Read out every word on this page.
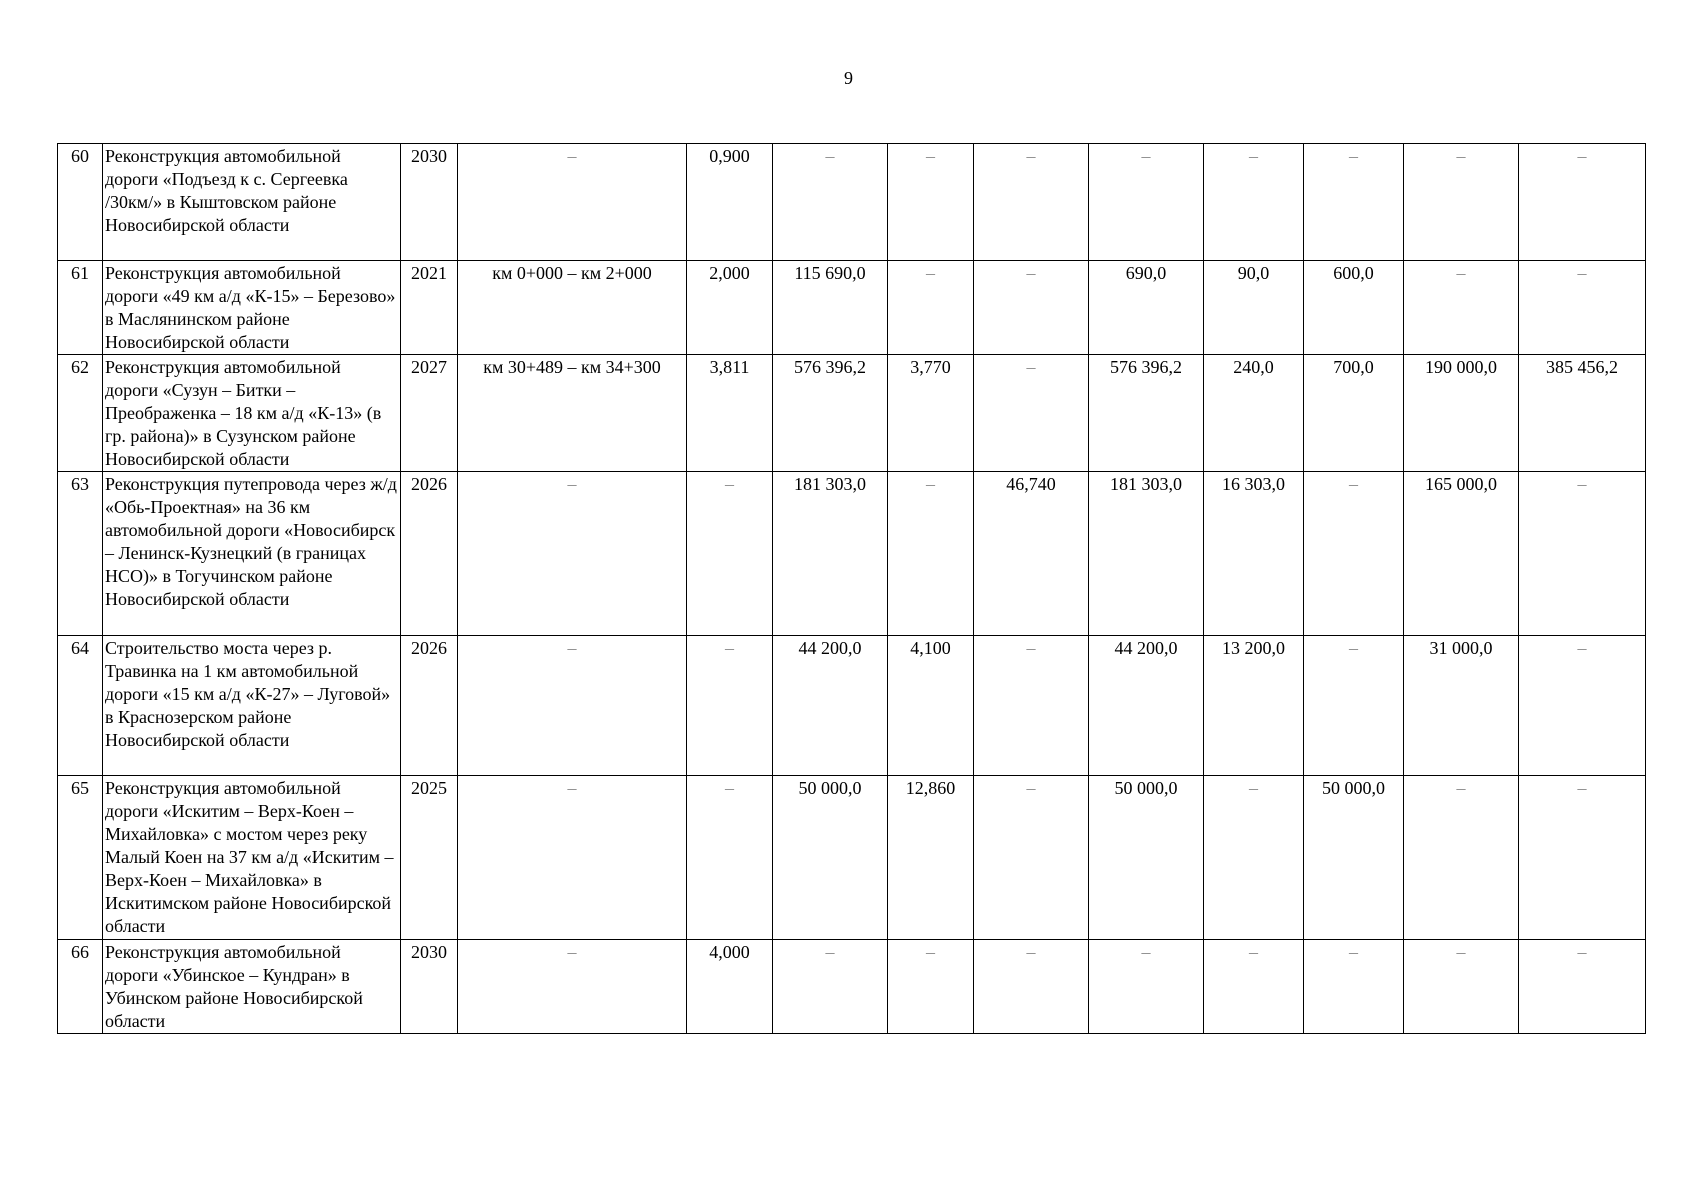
9
60	Реконструкция автомобильной дороги «Подъезд к с. Сергеевка /30км/» в Кыштовском районе Новосибирской области	2030	–	0,900	–	–	–	–	–	–	–	–
61	Реконструкция автомобильной дороги «49 км а/д «К-15» – Березово» в Маслянинском районе Новосибирской области	2021	км 0+000 – км 2+000	2,000	115 690,0	–	–	690,0	90,0	600,0	–	–
62	Реконструкция автомобильной дороги «Сузун – Битки – Преображенка – 18 км а/д «К-13» (в гр. района)» в Сузунском районе Новосибирской области	2027	км 30+489 – км 34+300	3,811	576 396,2	3,770	–	576 396,2	240,0	700,0	190 000,0	385 456,2
63	Реконструкция путепровода через ж/д «Обь-Проектная» на 36 км автомобильной дороги «Новосибирск – Ленинск-Кузнецкий (в границах НСО)» в Тогучинском районе Новосибирской области	2026	–	–	181 303,0	–	46,740	181 303,0	16 303,0	–	165 000,0	–
64	Строительство моста через р. Травинка на 1 км автомобильной дороги «15 км а/д «К-27» – Луговой» в Краснозерском районе Новосибирской области	2026	–	–	44 200,0	4,100	–	44 200,0	13 200,0	–	31 000,0	–
65	Реконструкция автомобильной дороги «Искитим – Верх-Коен – Михайловка» с мостом через реку Малый Коен на 37 км а/д «Искитим – Верх-Коен – Михайловка» в Искитимском районе Новосибирской области	2025	–	–	50 000,0	12,860	–	50 000,0	–	50 000,0	–	–
66	Реконструкция автомобильной дороги «Убинское – Кундран» в Убинском районе Новосибирской области	2030	–	4,000	–	–	–	–	–	–	–	–
